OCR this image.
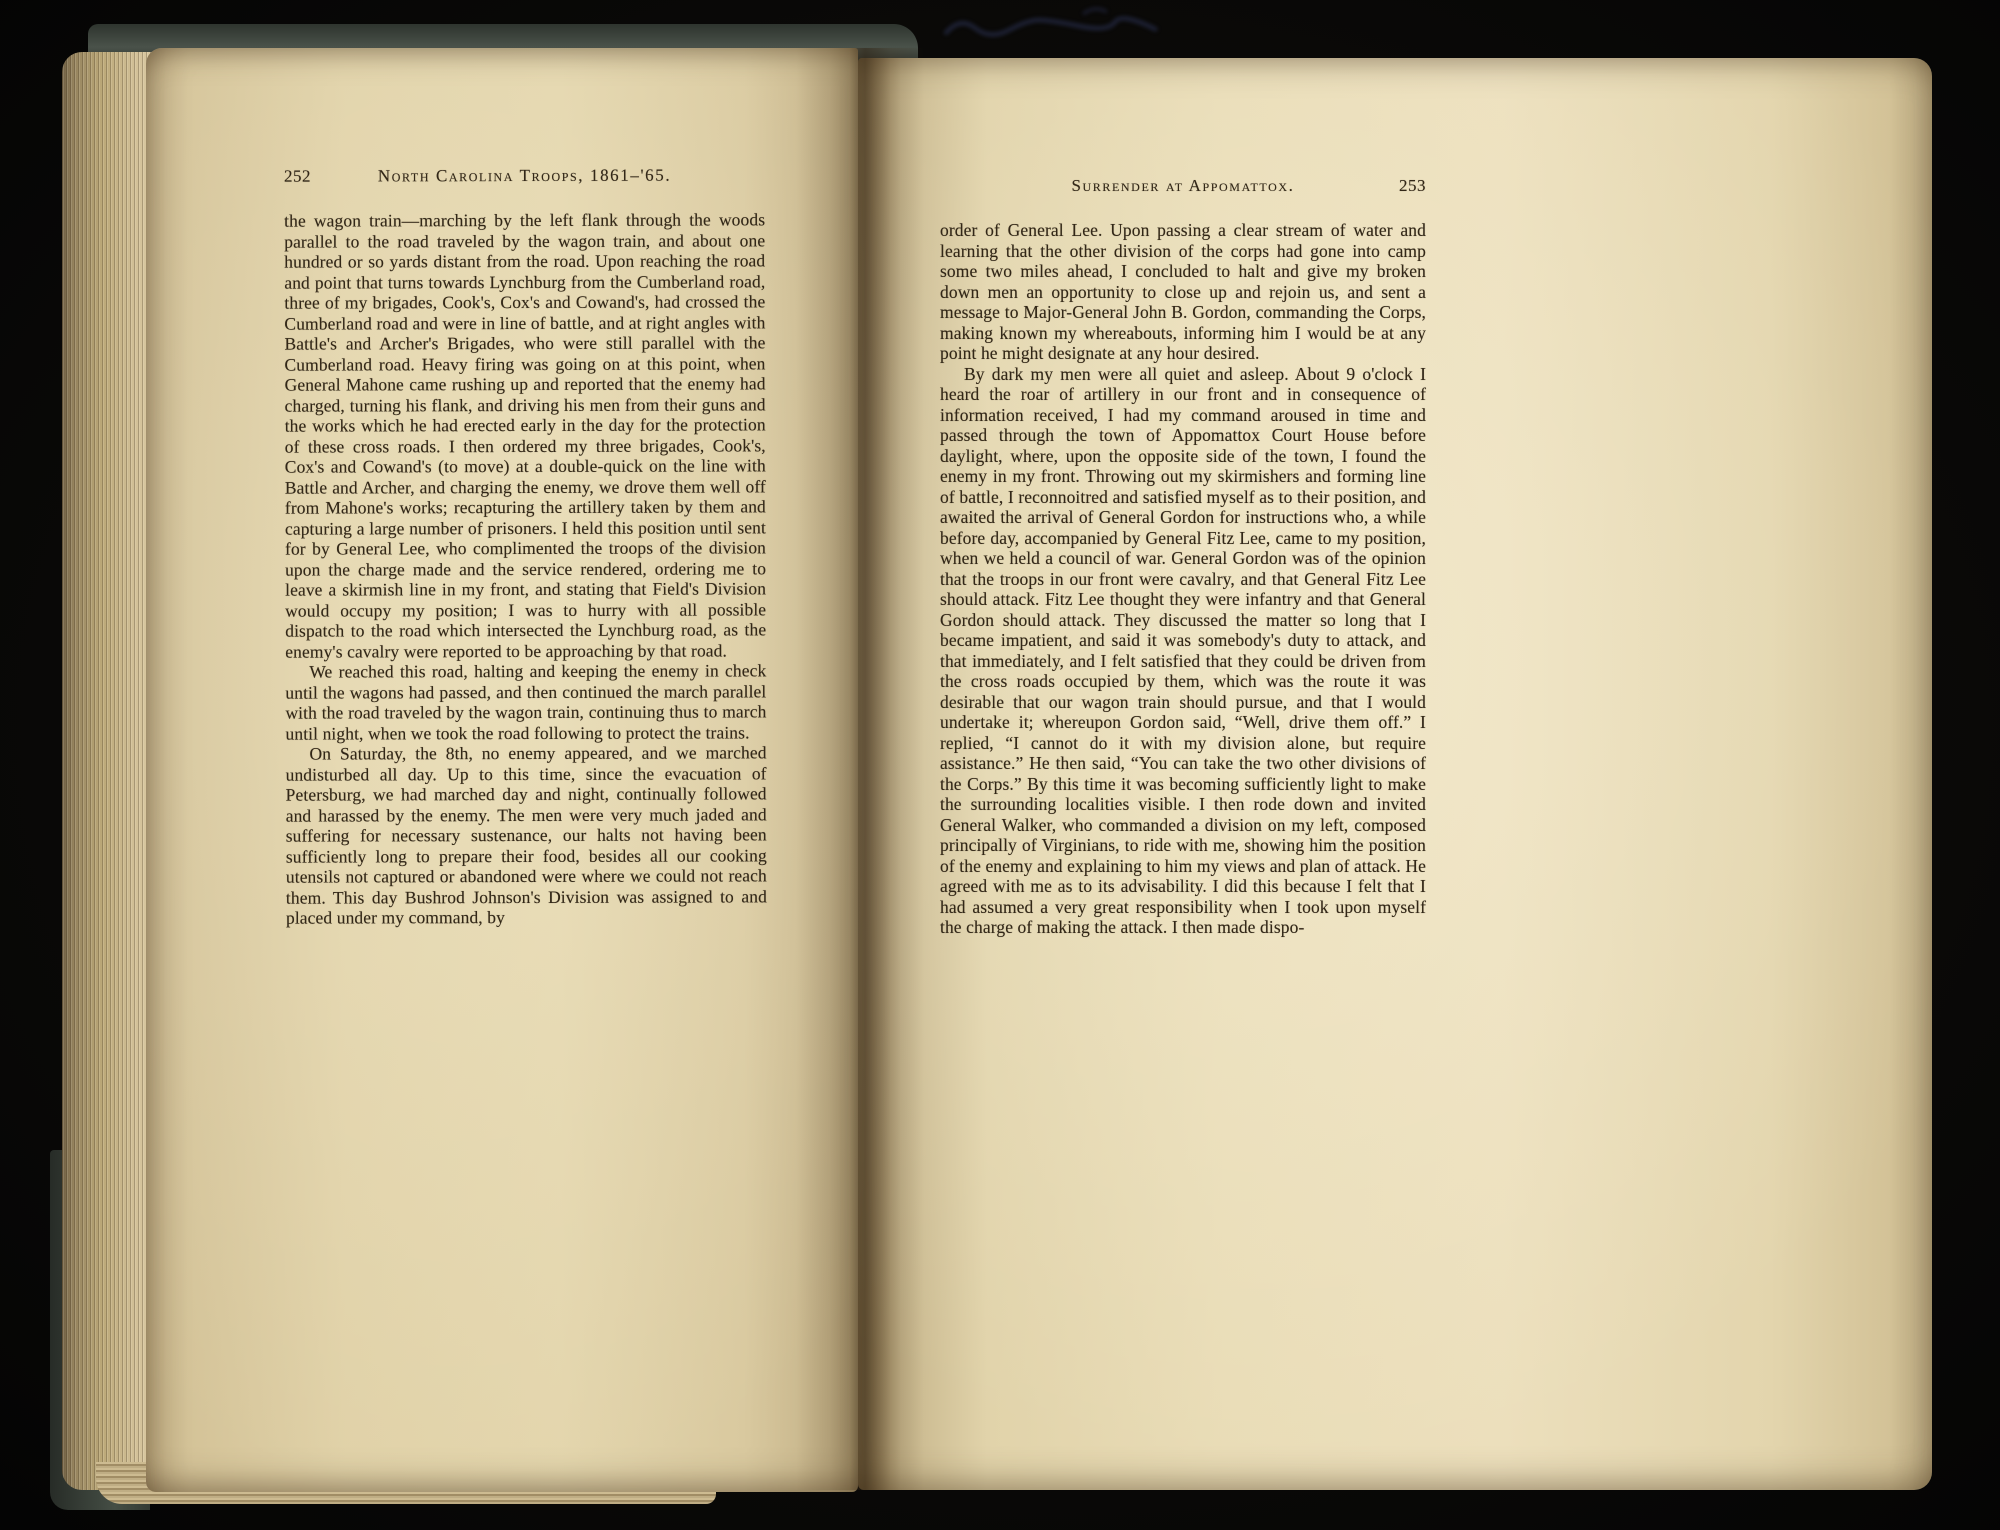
252	North Carolina Troops, 1861–'65.

the wagon train—marching by the left flank through the woods parallel to the road traveled by the wagon train, and about one hundred or so yards distant from the road. Upon reaching the road and point that turns towards Lynchburg from the Cumberland road, three of my brigades, Cook's, Cox's and Cowand's, had crossed the Cumberland road and were in line of battle, and at right angles with Battle's and Archer's Brigades, who were still parallel with the Cumberland road. Heavy firing was going on at this point, when General Mahone came rushing up and reported that the enemy had charged, turning his flank, and driving his men from their guns and the works which he had erected early in the day for the protection of these cross roads. I then ordered my three brigades, Cook's, Cox's and Cowand's (to move) at a double-quick on the line with Battle and Archer, and charging the enemy, we drove them well off from Mahone's works; recapturing the artillery taken by them and capturing a large number of prisoners. I held this position until sent for by General Lee, who complimented the troops of the division upon the charge made and the service rendered, ordering me to leave a skirmish line in my front, and stating that Field's Division would occupy my position; I was to hurry with all possible dispatch to the road which intersected the Lynchburg road, as the enemy's cavalry were reported to be approaching by that road.

We reached this road, halting and keeping the enemy in check until the wagons had passed, and then continued the march parallel with the road traveled by the wagon train, continuing thus to march until night, when we took the road following to protect the trains.

On Saturday, the 8th, no enemy appeared, and we marched undisturbed all day. Up to this time, since the evacuation of Petersburg, we had marched day and night, continually followed and harassed by the enemy. The men were very much jaded and suffering for necessary sustenance, our halts not having been sufficiently long to prepare their food, besides all our cooking utensils not captured or abandoned were where we could not reach them. This day Bushrod Johnson's Division was assigned to and placed under my command, by

Surrender at Appomattox.	253

order of General Lee. Upon passing a clear stream of water and learning that the other division of the corps had gone into camp some two miles ahead, I concluded to halt and give my broken down men an opportunity to close up and rejoin us, and sent a message to Major-General John B. Gordon, commanding the Corps, making known my whereabouts, informing him I would be at any point he might designate at any hour desired.

By dark my men were all quiet and asleep. About 9 o'clock I heard the roar of artillery in our front and in consequence of information received, I had my command aroused in time and passed through the town of Appomattox Court House before daylight, where, upon the opposite side of the town, I found the enemy in my front. Throwing out my skirmishers and forming line of battle, I reconnoitred and satisfied myself as to their position, and awaited the arrival of General Gordon for instructions who, a while before day, accompanied by General Fitz Lee, came to my position, when we held a council of war. General Gordon was of the opinion that the troops in our front were cavalry, and that General Fitz Lee should attack. Fitz Lee thought they were infantry and that General Gordon should attack. They discussed the matter so long that I became impatient, and said it was somebody's duty to attack, and that immediately, and I felt satisfied that they could be driven from the cross roads occupied by them, which was the route it was desirable that our wagon train should pursue, and that I would undertake it; whereupon Gordon said, “Well, drive them off.” I replied, “I cannot do it with my division alone, but require assistance.” He then said, “You can take the two other divisions of the Corps.” By this time it was becoming sufficiently light to make the surrounding localities visible. I then rode down and invited General Walker, who commanded a division on my left, composed principally of Virginians, to ride with me, showing him the position of the enemy and explaining to him my views and plan of attack. He agreed with me as to its advisability. I did this because I felt that I had assumed a very great responsibility when I took upon myself the charge of making the attack. I then made dispo-
